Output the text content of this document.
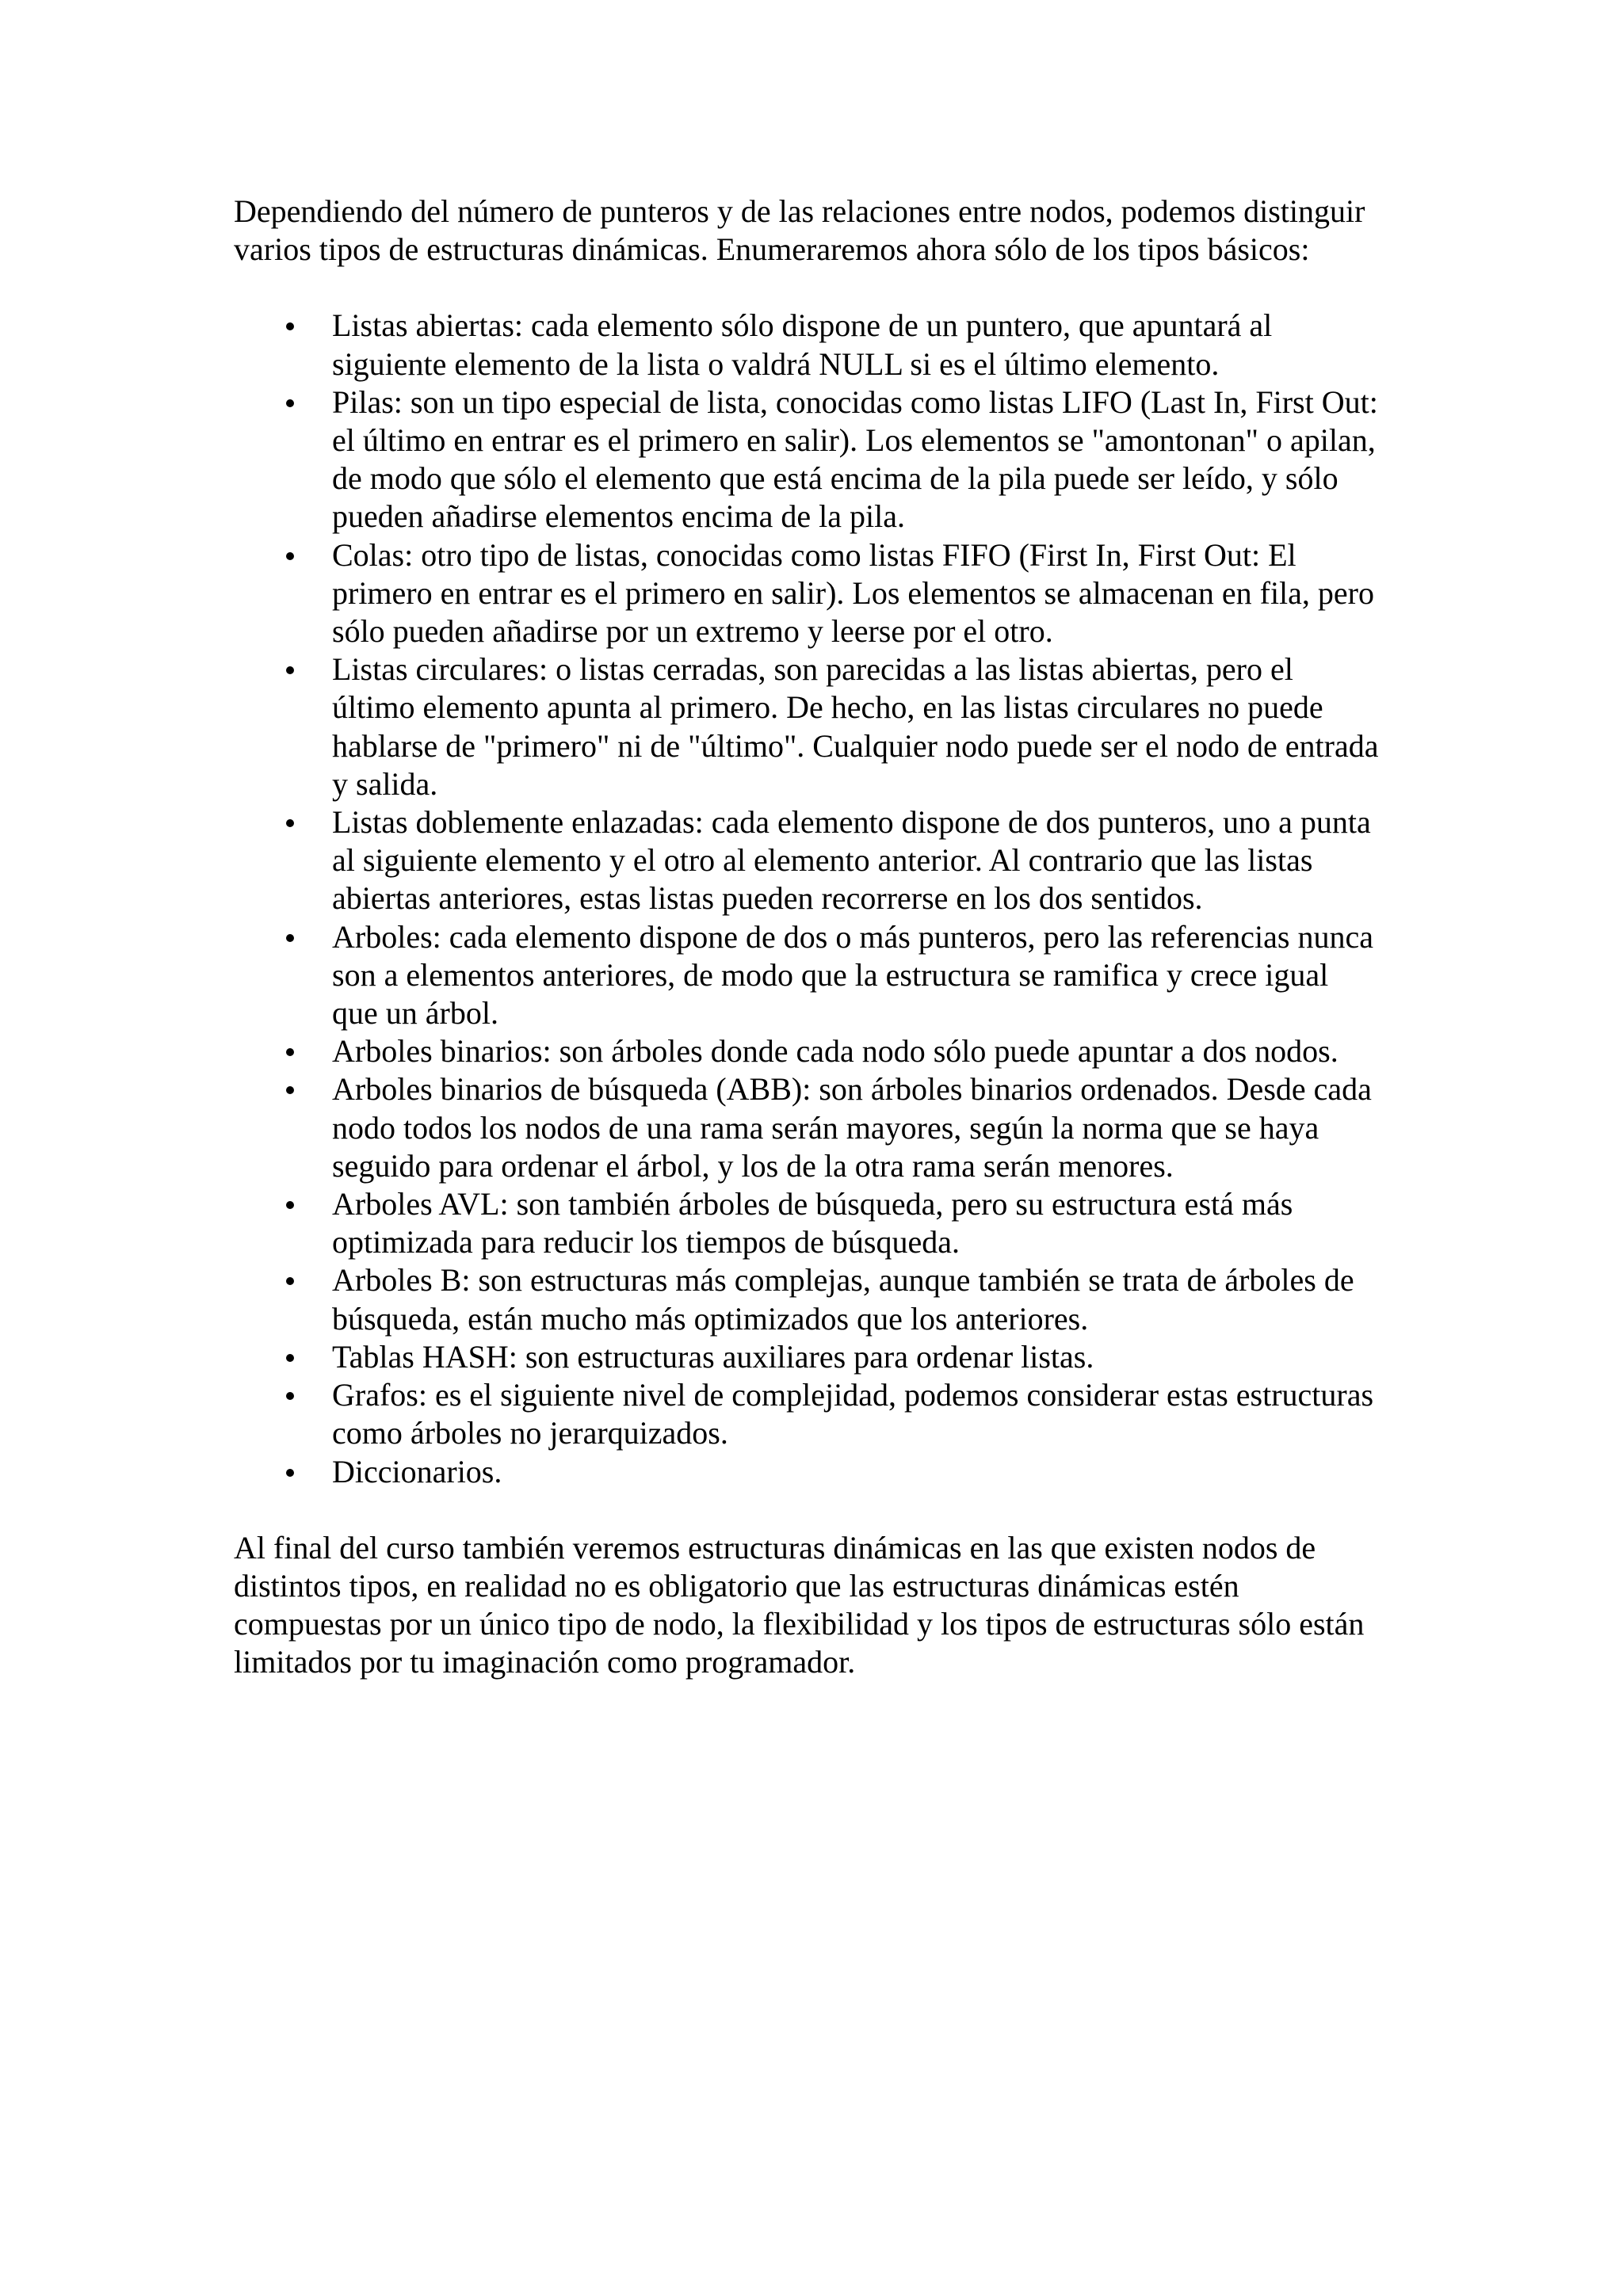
Dependiendo del número de punteros y de las relaciones entre nodos, podemos distinguir varios tipos de estructuras dinámicas. Enumeraremos ahora sólo de los tipos básicos:

Listas abiertas: cada elemento sólo dispone de un puntero, que apuntará al siguiente elemento de la lista o valdrá NULL si es el último elemento.
Pilas: son un tipo especial de lista, conocidas como listas LIFO (Last In, First Out: el último en entrar es el primero en salir). Los elementos se "amontonan" o apilan, de modo que sólo el elemento que está encima de la pila puede ser leído, y sólo pueden añadirse elementos encima de la pila.
Colas: otro tipo de listas, conocidas como listas FIFO (First In, First Out: El primero en entrar es el primero en salir). Los elementos se almacenan en fila, pero sólo pueden añadirse por un extremo y leerse por el otro.
Listas circulares: o listas cerradas, son parecidas a las listas abiertas, pero el último elemento apunta al primero. De hecho, en las listas circulares no puede hablarse de "primero" ni de "último". Cualquier nodo puede ser el nodo de entrada y salida.
Listas doblemente enlazadas: cada elemento dispone de dos punteros, uno a punta al siguiente elemento y el otro al elemento anterior. Al contrario que las listas abiertas anteriores, estas listas pueden recorrerse en los dos sentidos.
Arboles: cada elemento dispone de dos o más punteros, pero las referencias nunca son a elementos anteriores, de modo que la estructura se ramifica y crece igual que un árbol.
Arboles binarios: son árboles donde cada nodo sólo puede apuntar a dos nodos.
Arboles binarios de búsqueda (ABB): son árboles binarios ordenados. Desde cada nodo todos los nodos de una rama serán mayores, según la norma que se haya seguido para ordenar el árbol, y los de la otra rama serán menores.
Arboles AVL: son también árboles de búsqueda, pero su estructura está más optimizada para reducir los tiempos de búsqueda.
Arboles B: son estructuras más complejas, aunque también se trata de árboles de búsqueda, están mucho más optimizados que los anteriores.
Tablas HASH: son estructuras auxiliares para ordenar listas.
Grafos: es el siguiente nivel de complejidad, podemos considerar estas estructuras como árboles no jerarquizados.
Diccionarios.

Al final del curso también veremos estructuras dinámicas en las que existen nodos de distintos tipos, en realidad no es obligatorio que las estructuras dinámicas estén compuestas por un único tipo de nodo, la flexibilidad y los tipos de estructuras sólo están limitados por tu imaginación como programador.
